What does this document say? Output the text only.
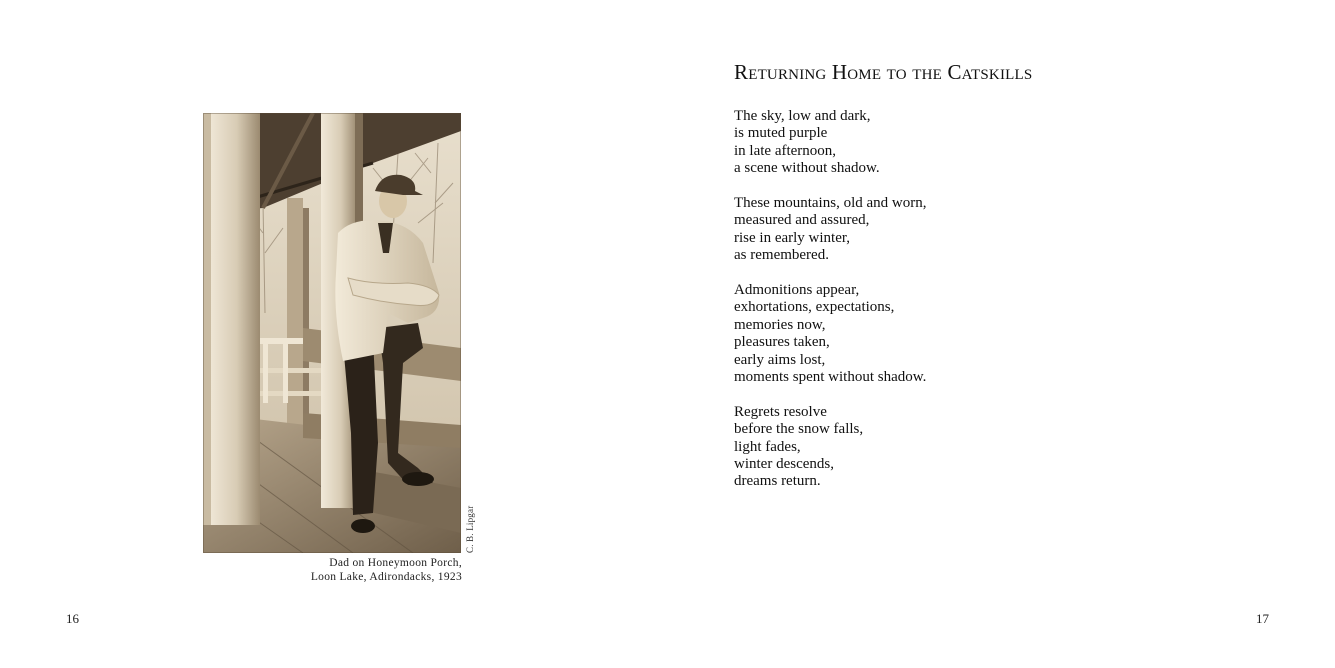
C. B. Lipgar
Dad on Honeymoon Porch,
Loon Lake, Adirondacks, 1923
16
Returning Home to the Catskills

The sky, low and dark,
is muted purple
in late afternoon,
a scene without shadow.

These mountains, old and worn,
measured and assured,
rise in early winter,
as remembered.

Admonitions appear,
exhortations, expectations,
memories now,
pleasures taken,
early aims lost,
moments spent without shadow.

Regrets resolve
before the snow falls,
light fades,
winter descends,
dreams return.

17
